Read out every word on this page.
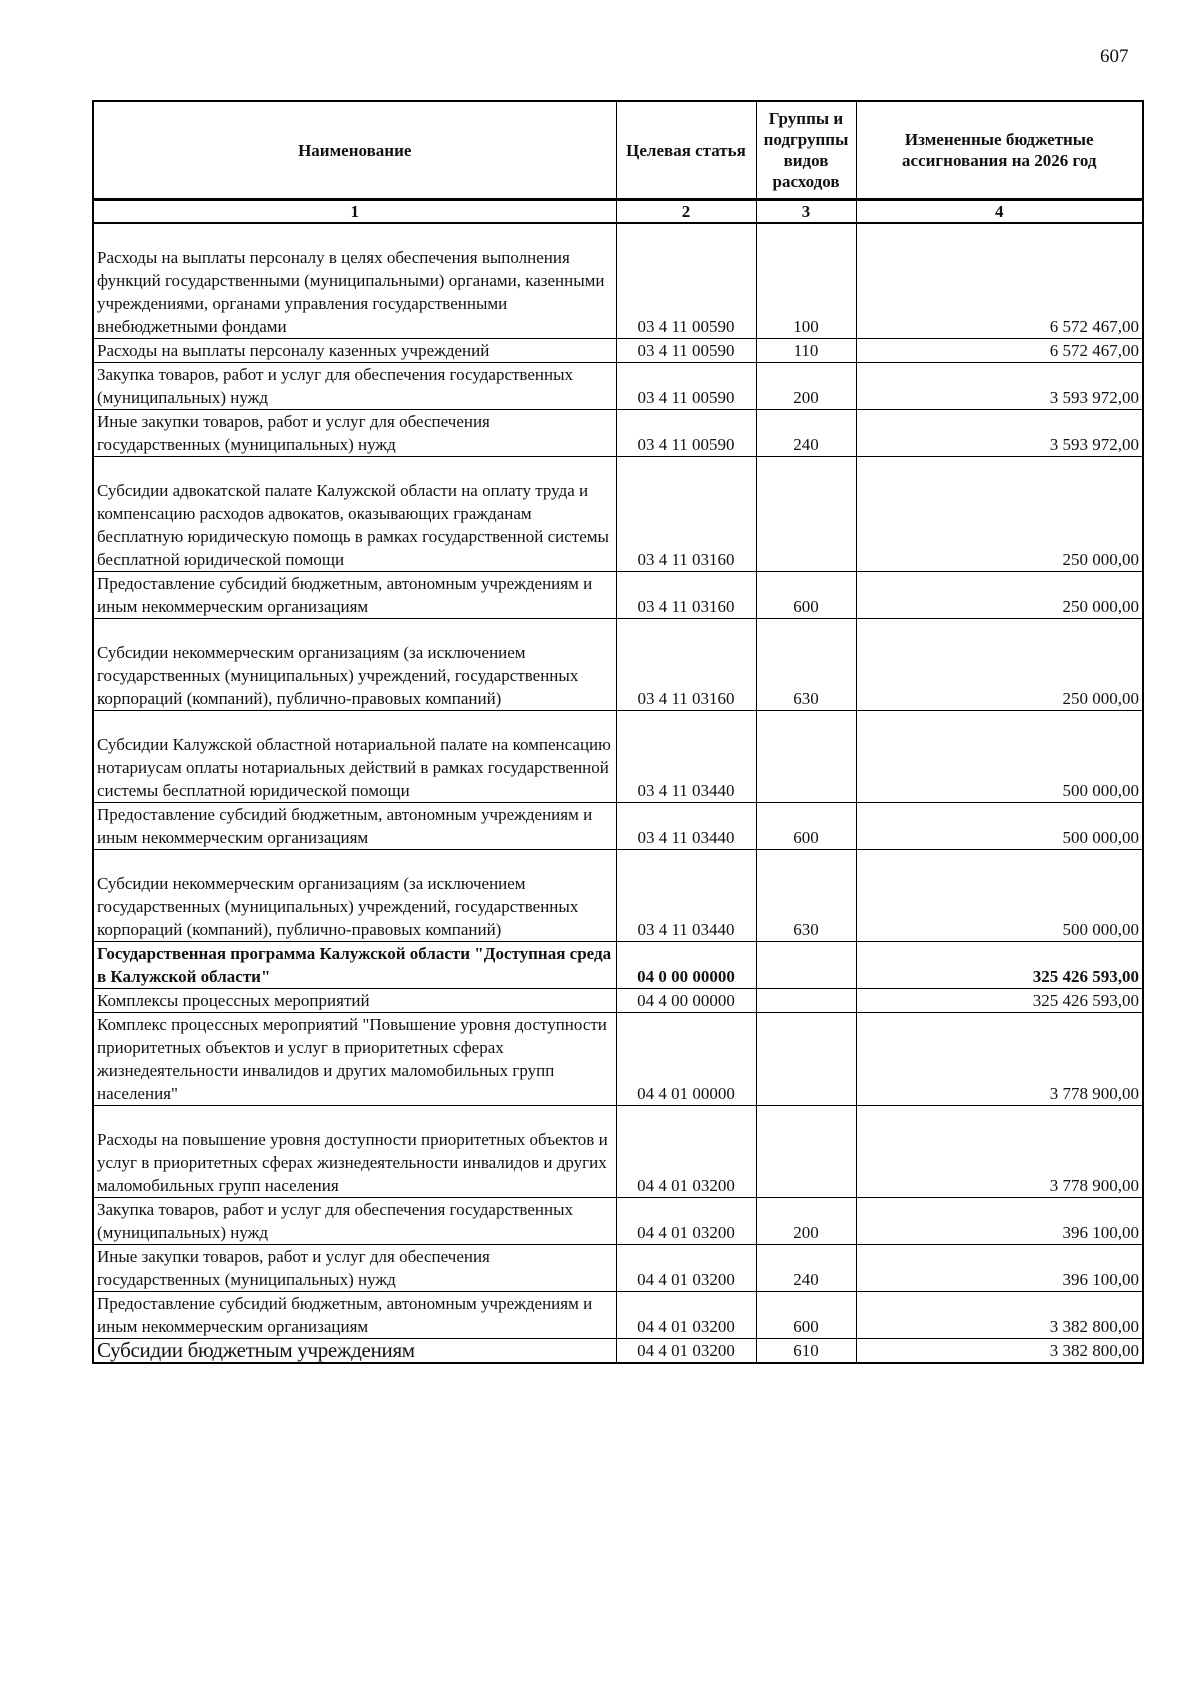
607
Наименование	Целевая статья	Группы и подгруппы видов расходов	Измененные бюджетные ассигнования на 2026 год
1	2	3	4
Расходы на выплаты персоналу в целях обеспечения выполнения функций государственными (муниципальными) органами, казенными учреждениями, органами управления государственными внебюджетными фондами	03 4 11 00590	100	6 572 467,00
Расходы на выплаты персоналу казенных учреждений	03 4 11 00590	110	6 572 467,00
Закупка товаров, работ и услуг для обеспечения государственных (муниципальных) нужд	03 4 11 00590	200	3 593 972,00
Иные закупки товаров, работ и услуг для обеспечения государственных (муниципальных) нужд	03 4 11 00590	240	3 593 972,00
Субсидии адвокатской палате Калужской области на оплату труда и компенсацию расходов адвокатов, оказывающих гражданам бесплатную юридическую помощь в рамках государственной системы бесплатной юридической помощи	03 4 11 03160		250 000,00
Предоставление субсидий бюджетным, автономным учреждениям и иным некоммерческим организациям	03 4 11 03160	600	250 000,00
Субсидии некоммерческим организациям (за исключением государственных (муниципальных) учреждений, государственных корпораций (компаний), публично-правовых компаний)	03 4 11 03160	630	250 000,00
Субсидии Калужской областной нотариальной палате на компенсацию нотариусам оплаты нотариальных действий в рамках государственной системы бесплатной юридической помощи	03 4 11 03440		500 000,00
Предоставление субсидий бюджетным, автономным учреждениям и иным некоммерческим организациям	03 4 11 03440	600	500 000,00
Субсидии некоммерческим организациям (за исключением государственных (муниципальных) учреждений, государственных корпораций (компаний), публично-правовых компаний)	03 4 11 03440	630	500 000,00
Государственная программа Калужской области "Доступная среда в Калужской области"	04 0 00 00000		325 426 593,00
Комплексы процессных мероприятий	04 4 00 00000		325 426 593,00
Комплекс процессных мероприятий "Повышение уровня доступности приоритетных объектов и услуг в приоритетных сферах жизнедеятельности инвалидов и других маломобильных групп населения"	04 4 01 00000		3 778 900,00
Расходы на повышение уровня доступности приоритетных объектов и услуг в приоритетных сферах жизнедеятельности инвалидов и других маломобильных групп населения	04 4 01 03200		3 778 900,00
Закупка товаров, работ и услуг для обеспечения государственных (муниципальных) нужд	04 4 01 03200	200	396 100,00
Иные закупки товаров, работ и услуг для обеспечения государственных (муниципальных) нужд	04 4 01 03200	240	396 100,00
Предоставление субсидий бюджетным, автономным учреждениям и иным некоммерческим организациям	04 4 01 03200	600	3 382 800,00
Субсидии бюджетным учреждениям	04 4 01 03200	610	3 382 800,00
